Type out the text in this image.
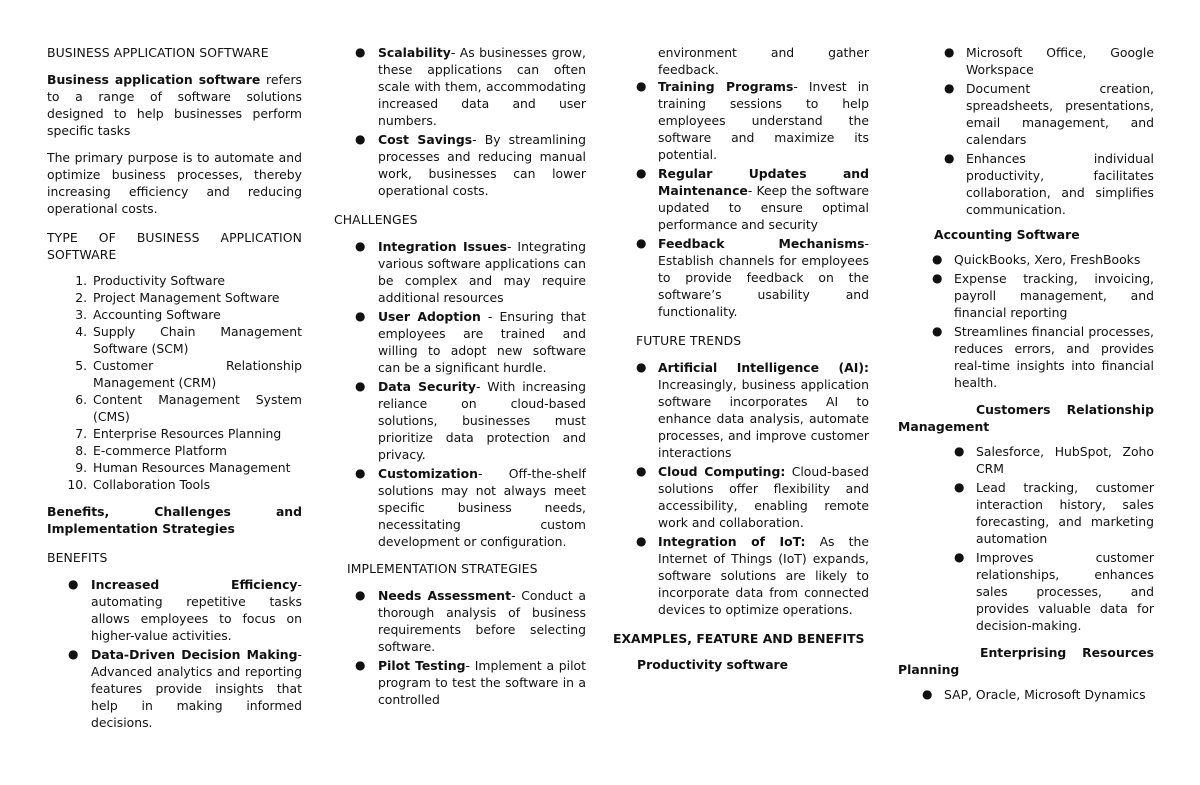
BUSINESS APPLICATION SOFTWARE

Business application software refers to a range of software solutions designed to help businesses perform specific tasks

The primary purpose is to automate and optimize business processes, thereby increasing efficiency and reducing operational costs.

TYPE OF BUSINESS APPLICATION SOFTWARE
1. Productivity Software
2. Project Management Software
3. Accounting Software
4. Supply Chain Management Software (SCM)
5. Customer Relationship Management (CRM)
6. Content Management System (CMS)
7. Enterprise Resources Planning
8. E-commerce Platform
9. Human Resources Management
10. Collaboration Tools

Benefits, Challenges and Implementation Strategies

BENEFITS
● Increased Efficiency- automating repetitive tasks allows employees to focus on higher-value activities.
● Data-Driven Decision Making- Advanced analytics and reporting features provide insights that help in making informed decisions.
● Scalability- As businesses grow, these applications can often scale with them, accommodating increased data and user numbers.
● Cost Savings- By streamlining processes and reducing manual work, businesses can lower operational costs.
CHALLENGES
● Integration Issues- Integrating various software applications can be complex and may require additional resources
● User Adoption - Ensuring that employees are trained and willing to adopt new software can be a significant hurdle.
● Data Security- With increasing reliance on cloud-based solutions, businesses must prioritize data protection and privacy.
● Customization- Off-the-shelf solutions may not always meet specific business needs, necessitating custom development or configuration.
IMPLEMENTATION STRATEGIES
● Needs Assessment- Conduct a thorough analysis of business requirements before selecting software.
● Pilot Testing- Implement a pilot program to test the software in a controlled

environment and gather feedback.

● Training Programs- Invest in training sessions to help employees understand the software and maximize its potential.
● Regular Updates and Maintenance- Keep the software updated to ensure optimal performance and security
● Feedback Mechanisms- Establish channels for employees to provide feedback on the software’s usability and functionality.
FUTURE TRENDS
● Artificial Intelligence (AI): Increasingly, business application software incorporates AI to enhance data analysis, automate processes, and improve customer interactions
● Cloud Computing: Cloud-based solutions offer flexibility and accessibility, enabling remote work and collaboration.
● Integration of IoT: As the Internet of Things (IoT) expands, software solutions are likely to incorporate data from connected devices to optimize operations.

EXAMPLES, FEATURE AND BENEFITS

Productivity software

● Microsoft Office, Google Workspace
● Document creation, spreadsheets, presentations, email management, and calendars
● Enhances individual productivity, facilitates collaboration, and simplifies communication.

Accounting Software

● QuickBooks, Xero, FreshBooks
● Expense tracking, invoicing, payroll management, and financial reporting
● Streamlines financial processes, reduces errors, and provides real-time insights into financial health.

Customers Relationship Management

● Salesforce, HubSpot, Zoho CRM
● Lead tracking, customer interaction history, sales forecasting, and marketing automation
● Improves customer relationships, enhances sales processes, and provides valuable data for decision-making.

Enterprising Resources Planning

● SAP, Oracle, Microsoft Dynamics
